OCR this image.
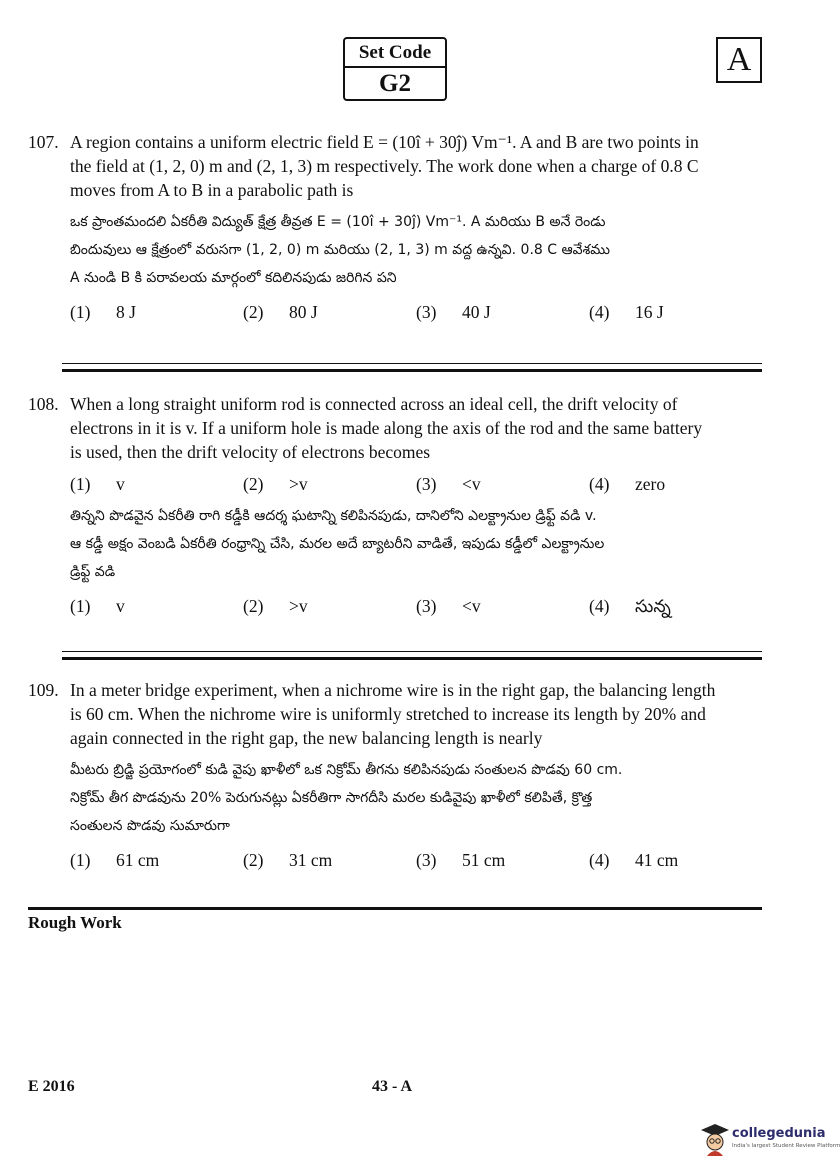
Set Code
G2
A
107. A region contains a uniform electric field E = (10î + 30ĵ) Vm⁻¹. A and B are two points in
the field at (1, 2, 0) m and (2, 1, 3) m respectively. The work done when a charge of 0.8 C
moves from A to B in a parabolic path is
ఒక ప్రాంతమందలి ఏకరీతి విద్యుత్ క్షేత్ర తీవ్రత E = (10î + 30ĵ) Vm⁻¹. A మరియు B అనే రెండు
బిందువులు ఆ క్షేత్రంలో వరుసగా (1, 2, 0) m మరియు (2, 1, 3) m వద్ద ఉన్నవి. 0.8 C ఆవేశము
A నుండి B కి పరావలయ మార్గంలో కదిలినపుడు జరిగిన పని
(1) 8 J	(2) 80 J	(3) 40 J	(4) 16 J
108. When a long straight uniform rod is connected across an ideal cell, the drift velocity of
electrons in it is v. If a uniform hole is made along the axis of the rod and the same battery
is used, then the drift velocity of electrons becomes
(1) v	(2) >v	(3) <v	(4) zero
తిన్నని పొడవైన ఏకరీతి రాగి కడ్డీకి ఆదర్శ ఘటాన్ని కలిపినపుడు, దానిలోని ఎలక్ట్రానుల డ్రిఫ్ట్ వడి v.
ఆ కడ్డీ అక్షం వెంబడి ఏకరీతి రంధ్రాన్ని చేసి, మరల అదే బ్యాటరీని వాడితే, ఇపుడు కడ్డీలో ఎలక్ట్రానుల
డ్రిఫ్ట్ వడి
(1) v	(2) >v	(3) <v	(4) సున్న
109. In a meter bridge experiment, when a nichrome wire is in the right gap, the balancing length
is 60 cm. When the nichrome wire is uniformly stretched to increase its length by 20% and
again connected in the right gap, the new balancing length is nearly
మీటరు బ్రిడ్జి ప్రయోగంలో కుడి వైపు ఖాళీలో ఒక నిక్రోమ్ తీగను కలిపినపుడు సంతులన పొడవు 60 cm.
నిక్రోమ్ తీగ పొడవును 20% పెరుగునట్లు ఏకరీతిగా సాగదీసి మరల కుడివైపు ఖాళీలో కలిపితే, క్రొత్త
సంతులన పొడవు సుమారుగా
(1) 61 cm	(2) 31 cm	(3) 51 cm	(4) 41 cm
Rough Work
E 2016	43 - A
collegedunia
India's largest Student Review Platform
